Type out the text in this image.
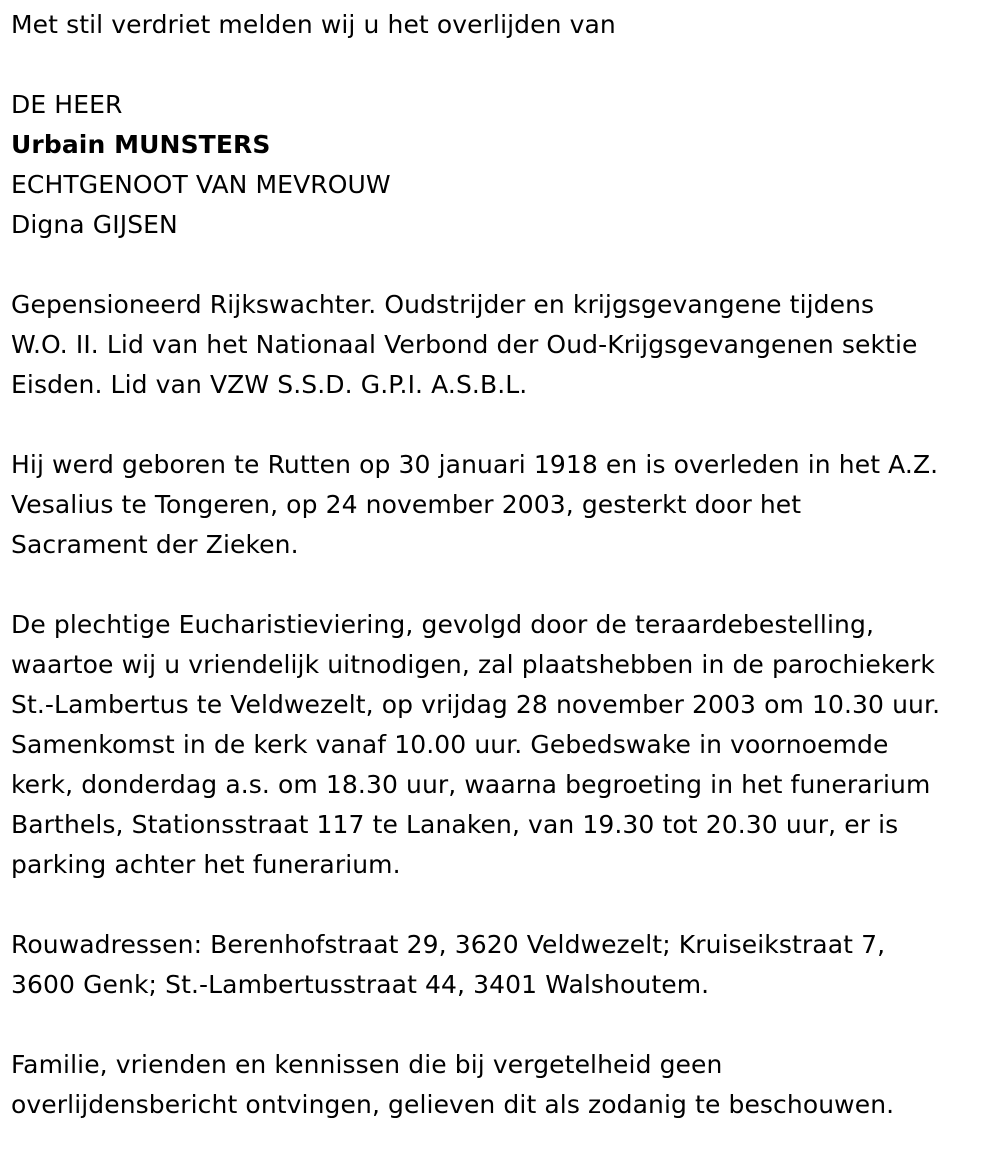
Met stil verdriet melden wij u het overlijden van

DE HEER

Urbain MUNSTERS

ECHTGENOOT VAN MEVROUW

Digna GIJSEN

Gepensioneerd Rijkswachter. Oudstrijder en krijgsgevangene tijdens
W.O. II. Lid van het Nationaal Verbond der Oud-Krijgsgevangenen sektie
Eisden. Lid van VZW S.S.D. G.P.I. A.S.B.L.

Hij werd geboren te Rutten op 30 januari 1918 en is overleden in het A.Z.
Vesalius te Tongeren, op 24 november 2003, gesterkt door het
Sacrament der Zieken.

De plechtige Eucharistieviering, gevolgd door de teraardebestelling,
waartoe wij u vriendelijk uitnodigen, zal plaatshebben in de parochiekerk
St.-Lambertus te Veldwezelt, op vrijdag 28 november 2003 om 10.30 uur.
Samenkomst in de kerk vanaf 10.00 uur. Gebedswake in voornoemde
kerk, donderdag a.s. om 18.30 uur, waarna begroeting in het funerarium
Barthels, Stationsstraat 117 te Lanaken, van 19.30 tot 20.30 uur, er is
parking achter het funerarium.

Rouwadressen: Berenhofstraat 29, 3620 Veldwezelt; Kruiseikstraat 7,
3600 Genk; St.-Lambertusstraat 44, 3401 Walshoutem.

Familie, vrienden en kennissen die bij vergetelheid geen
overlijdensbericht ontvingen, gelieven dit als zodanig te beschouwen.
